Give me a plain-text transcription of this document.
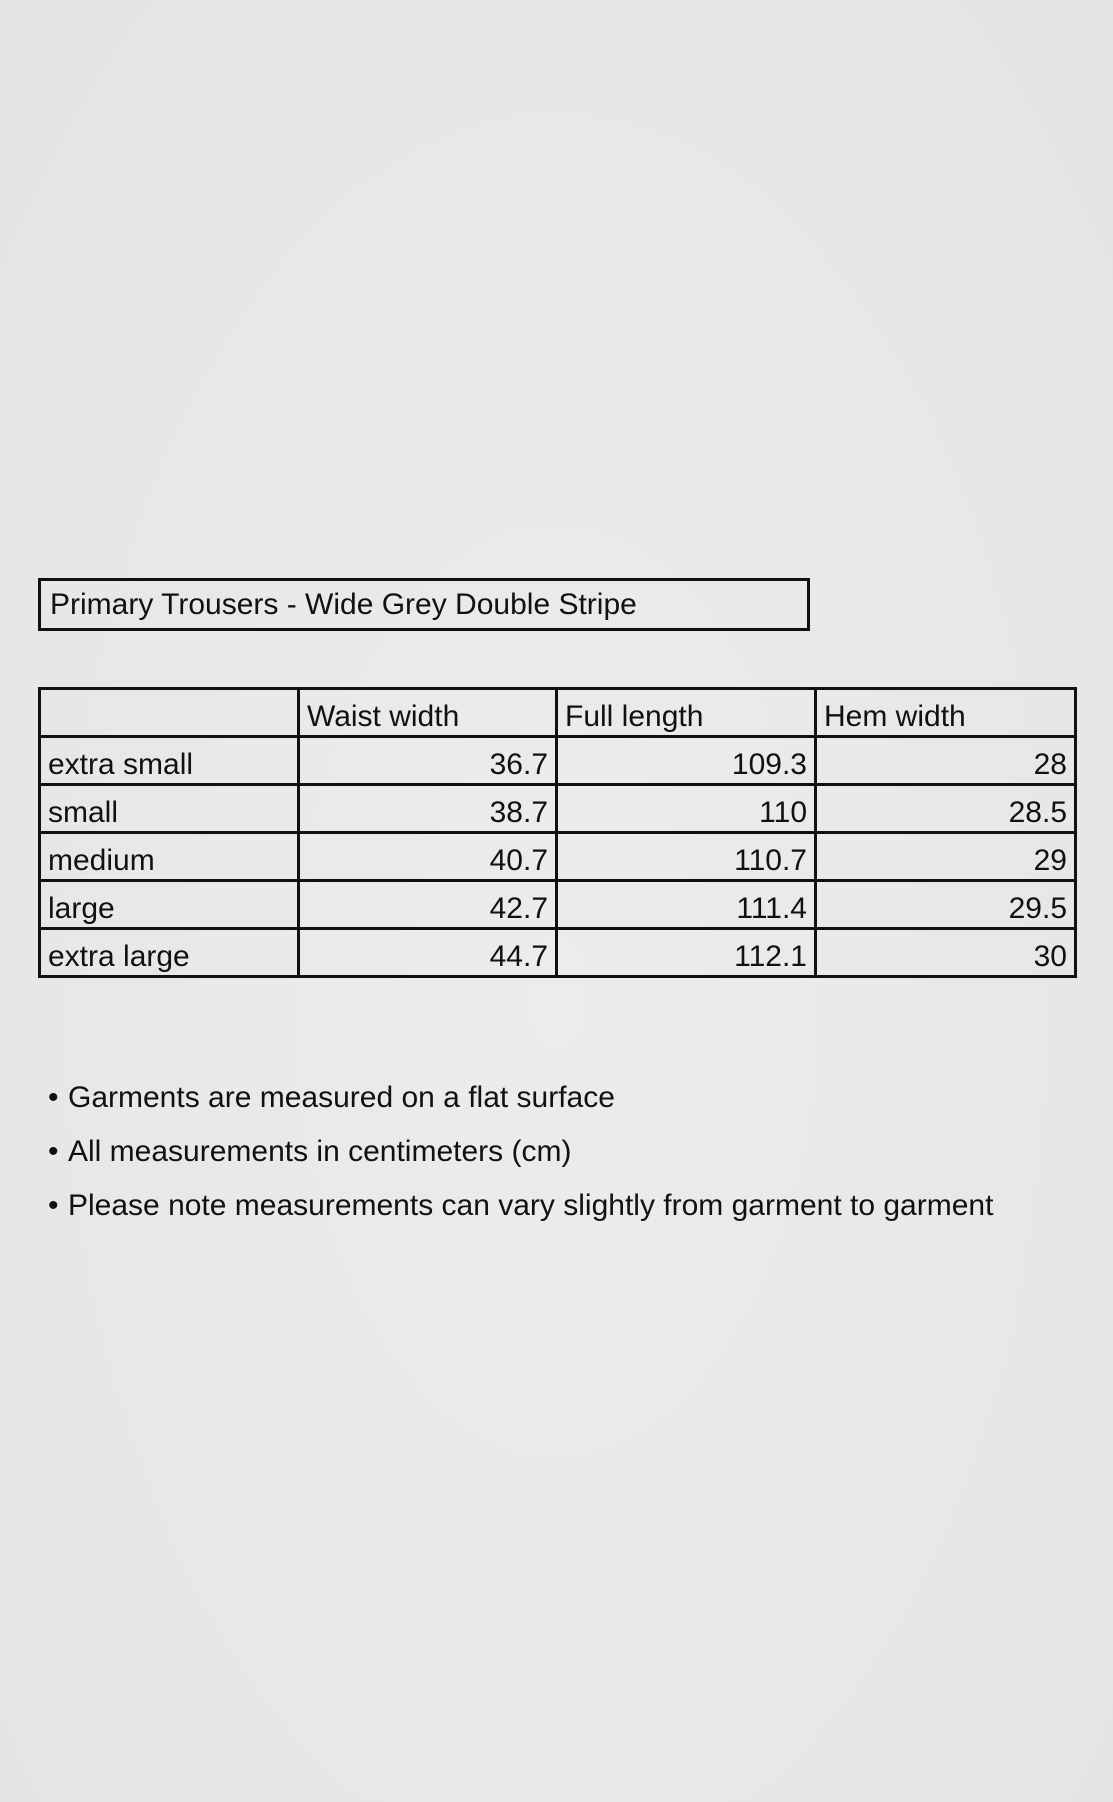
Primary Trousers - Wide Grey Double Stripe
	Waist width	Full length	Hem width
extra small	36.7	109.3	28
small	38.7	110	28.5
medium	40.7	110.7	29
large	42.7	111.4	29.5
extra large	44.7	112.1	30
• Garments are measured on a flat surface
• All measurements in centimeters (cm)
• Please note measurements can vary slightly from garment to garment
